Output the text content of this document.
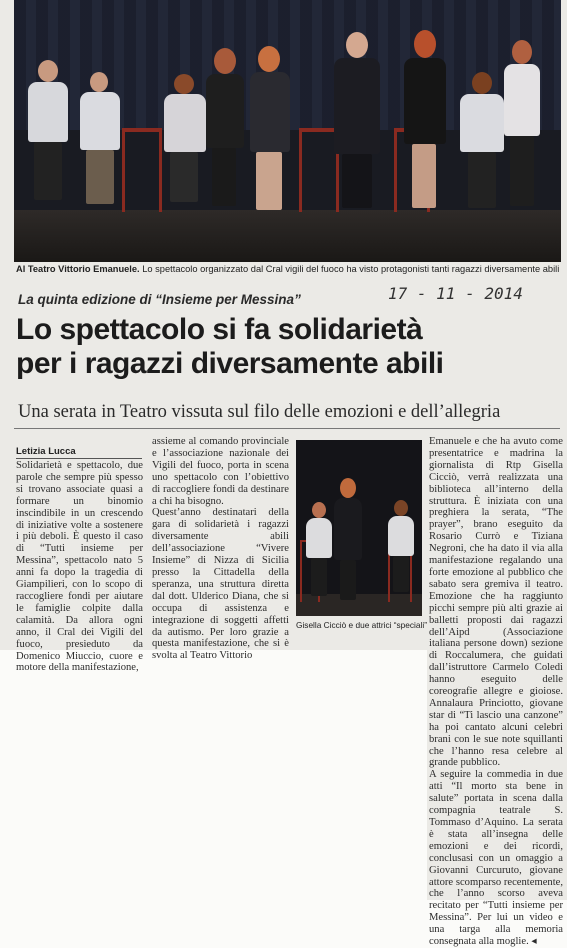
Al Teatro Vittorio Emanuele. Lo spettacolo organizzato dal Cral vigili del fuoco ha visto protagonisti tanti ragazzi diversamente abili
La quinta edizione di “Insieme per Messina”	17 - 11 - 2014
Lo spettacolo si fa solidarietà
per i ragazzi diversamente abili
Una serata in Teatro vissuta sul filo delle emozioni e dell’allegria
Letizia Lucca
Solidarietà e spettacolo, due parole che sempre più spesso si trovano associate quasi a formare un binomio inscindibile in un crescendo di iniziative volte a sostenere i più deboli. È questo il caso di “Tutti insieme per Messina”, spettacolo nato 5 anni fa dopo la tragedia di Giampilieri, con lo scopo di raccogliere fondi per aiutare le famiglie colpite dalla calamità. Da allora ogni anno, il Cral dei Vigili del fuoco, presieduto da Domenico Miuccio, cuore e motore della manifestazione,
assieme al comando provinciale e l’associazione nazionale dei Vigili del fuoco, porta in scena uno spettacolo con l’obiettivo di raccogliere fondi da destinare a chi ha bisogno.
Quest’anno destinatari della gara di solidarietà i ragazzi diversamente abili dell’associazione “Vivere Insieme” di Nizza di Sicilia presso la Cittadella della speranza, una struttura diretta dal dott. Ulderico Diana, che si occupa di assistenza e integrazione di soggetti affetti da autismo. Per loro grazie a questa manifestazione, che si è svolta al Teatro Vittorio
Gisella Cicciò e due attrici “speciali”
Emanuele e che ha avuto come presentatrice e madrina la giornalista di Rtp Gisella Cicciò, verrà realizzata una biblioteca all’interno della struttura. È iniziata con una preghiera la serata, “The prayer”, brano eseguito da Rosario Currò e Tiziana Negroni, che ha dato il via alla manifestazione regalando una forte emozione al pubblico che sabato sera gremiva il teatro. Emozione che ha raggiunto picchi sempre più alti grazie ai balletti proposti dai ragazzi dell’Aipd (Associazione italiana persone down) sezione di Roccalumera, che guidati dall’istruttore Carmelo Coledi hanno eseguito delle coreografie allegre e gioiose. Annalaura Princiotto, giovane star di “Ti lascio una canzone” ha poi cantato alcuni celebri brani con le sue note squillanti che l’hanno resa celebre al grande pubblico.
A seguire la commedia in due atti “Il morto sta bene in salute” portata in scena dalla compagnia teatrale S. Tommaso d’Aquino. La serata è stata all’insegna delle emozioni e dei ricordi, conclusasi con un omaggio a Giovanni Curcuruto, giovane attore scomparso recentemente, che l’anno scorso aveva recitato per “Tutti insieme per Messina”. Per lui un video e una targa alla memoria consegnata alla moglie. ◂
